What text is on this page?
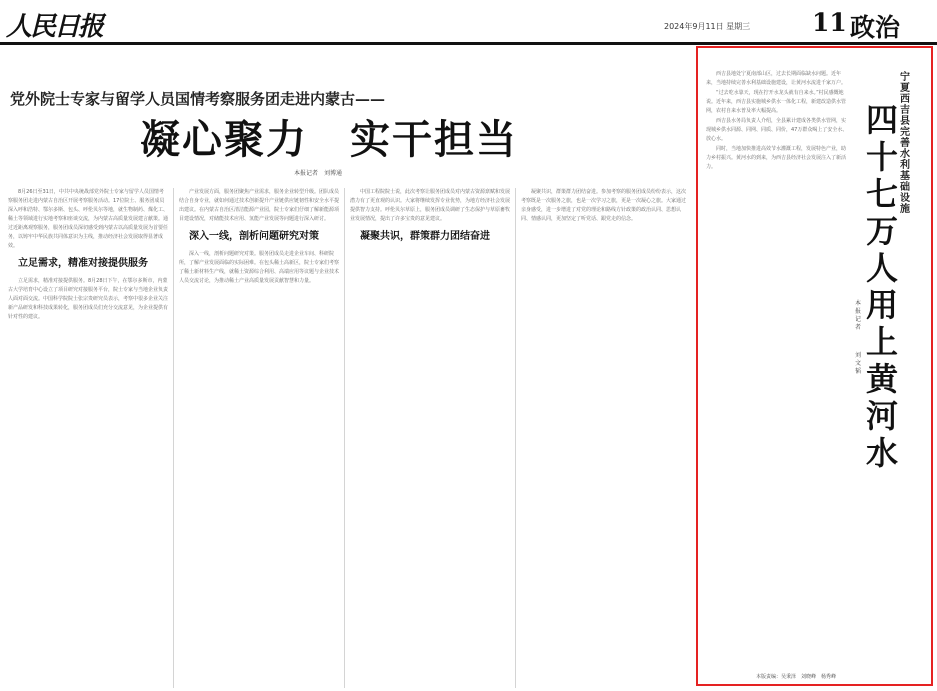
人民日报	2024年9月11日 星期三 11 政治
党外院士专家与留学人员国情考察服务团走进内蒙古——
凝心聚力　实干担当
本报记者　刘博通

8月26日至31日，中共中央统战部党外院士专家与留学人员国情考察服务团走进内蒙古自治区开展考察服务活动。17位院士、服务团成员深入呼和浩特、鄂尔多斯、包头、呼伦贝尔等地，就生物制药、煤化工、稀土等领域进行实地考察和座谈交流，为内蒙古高质量发展建言献策。通过近距离观察服务，服务团成员深切感受到内蒙古以高质量发展为首要任务，以铸牢中华民族共同体意识为主线，推动经济社会发展取得显著成效。

立足需求，精准对接提供服务

立足需求，精准对接提供服务。8月28日下午，在鄂尔多斯市，内蒙古大学培育中心设立了项目研究对接服务平台，院士专家与当地企业负责人面对面交流。中国科学院院士张宗贵研究员表示，考察中很多企业关注新产品研发和科技成果转化，服务团成员们充分交流意见，为企业提供有针对性的建议。

产业发展方面，服务团聚焦产业需求，服务企业转型升级。团队成员结合自身专业，就如何通过技术创新提升产业链供应链韧性和安全水平提出建议。在内蒙古自治区清洁能源产业园，院士专家们仔细了解新能源项目建设情况，对储能技术应用、氢能产业发展等问题进行深入研讨。

深入一线，剖析问题研究对策

深入一线，剖析问题研究对策。服务团成员走进企业车间、科研院所，了解产业发展面临的实际困难。在包头稀土高新区，院士专家们考察了稀土新材料生产线，就稀土资源综合利用、高端应用等议题与企业技术人员交流讨论，为推动稀土产业高质量发展贡献智慧和力量。

中国工程院院士说，此次考察让服务团成员对内蒙古资源禀赋和发展潜力有了更直观的认识。大家将继续发挥专业优势，为地方经济社会发展提供智力支持。呼伦贝尔草原上，服务团成员调研了生态保护与草原畜牧业发展情况，提出了许多宝贵的意见建议。

凝聚共识，群策群力团结奋进

凝聚共识，群策群力团结奋进。参加考察的服务团成员纷纷表示，这次考察既是一次服务之旅，也是一次学习之旅，更是一次凝心之旅。大家通过亲身感受，进一步增进了对党的理论和路线方针政策的政治认同、思想认同、情感认同，更加坚定了听党话、跟党走的信念。

西吉县地处宁夏南部山区，过去长期面临缺水问题。近年来，当地持续完善水利基础设施建设，让黄河水流进千家万户。

“过去吃水靠天，现在拧开水龙头就有自来水。”村民感慨地说。近年来，西吉县实施城乡供水一体化工程，新建改造供水管网，农村自来水普及率大幅提高。

西吉县水务局负责人介绍，全县累计建成各类供水管网，实现城乡供水同源、同网、同质、同价，47万群众喝上了安全水、放心水。

同时，当地加快推进高效节水灌溉工程，发展特色产业，助力乡村振兴。黄河水的到来，为西吉县经济社会发展注入了新活力。

宁夏西吉县完善水利基础设施
四十七万人用上黄河水
本报记者
刘文韬
本版责编：吴秉泽　刘晓峰　杨秀峰
